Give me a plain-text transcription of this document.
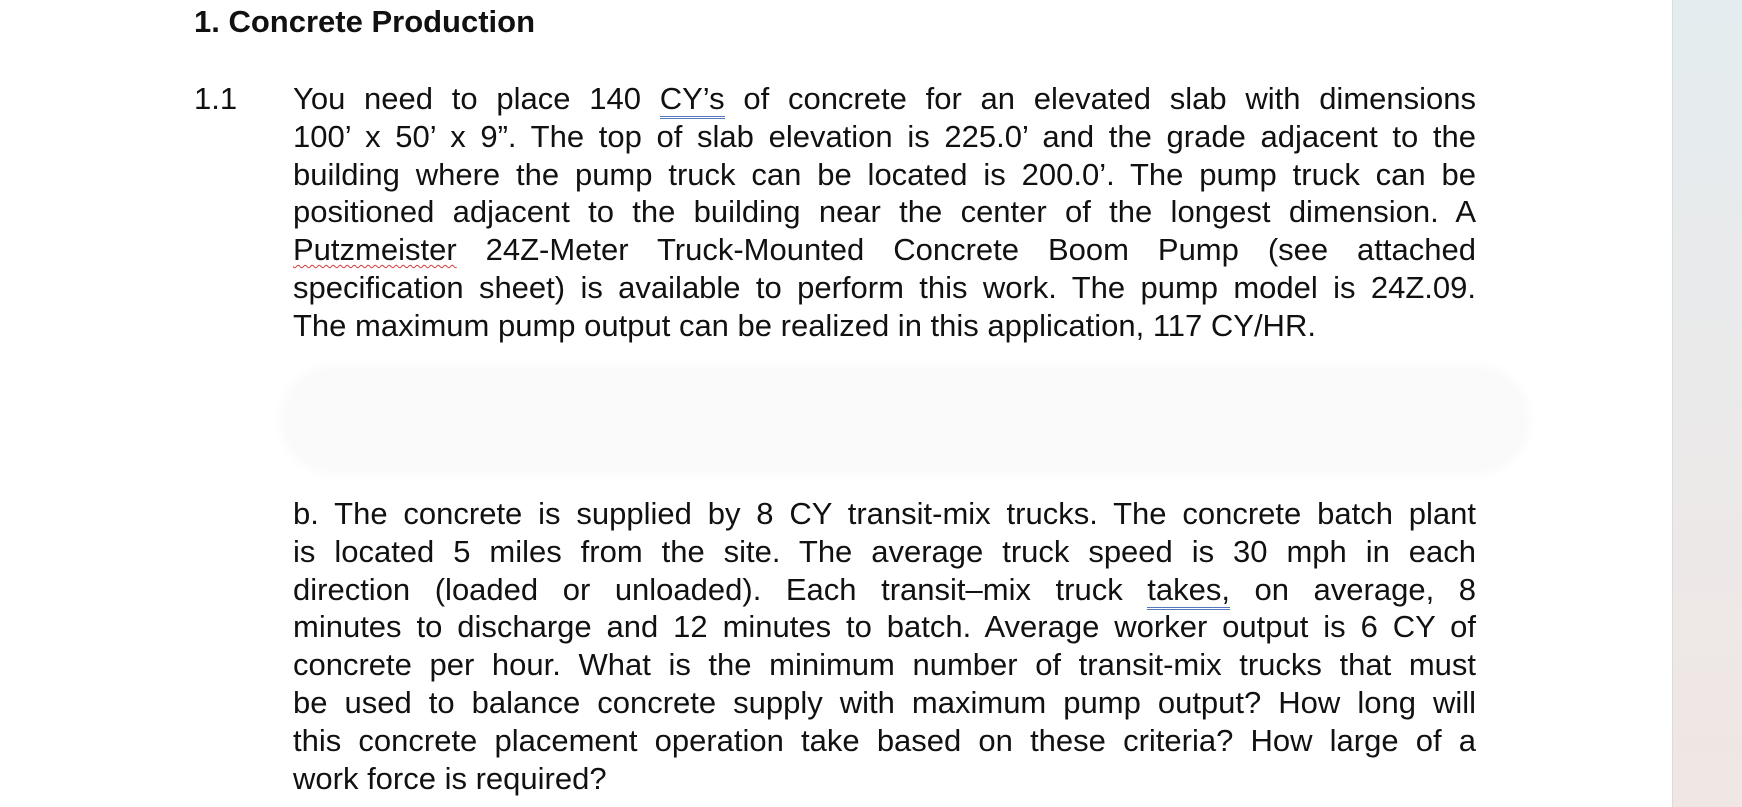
1. Concrete Production
1.1 You need to place 140 CY’s of concrete for an elevated slab with dimensions
100’ x 50’ x 9”. The top of slab elevation is 225.0’ and the grade adjacent to the
building where the pump truck can be located is 200.0’. The pump truck can be
positioned adjacent to the building near the center of the longest dimension. A
Putzmeister 24Z-Meter Truck-Mounted Concrete Boom Pump (see attached
specification sheet) is available to perform this work. The pump model is 24Z.09.
The maximum pump output can be realized in this application, 117 CY/HR.
b. The concrete is supplied by 8 CY transit-mix trucks. The concrete batch plant
is located 5 miles from the site. The average truck speed is 30 mph in each
direction (loaded or unloaded). Each transit–mix truck takes, on average, 8
minutes to discharge and 12 minutes to batch. Average worker output is 6 CY of
concrete per hour. What is the minimum number of transit-mix trucks that must
be used to balance concrete supply with maximum pump output? How long will
this concrete placement operation take based on these criteria? How large of a
work force is required?
